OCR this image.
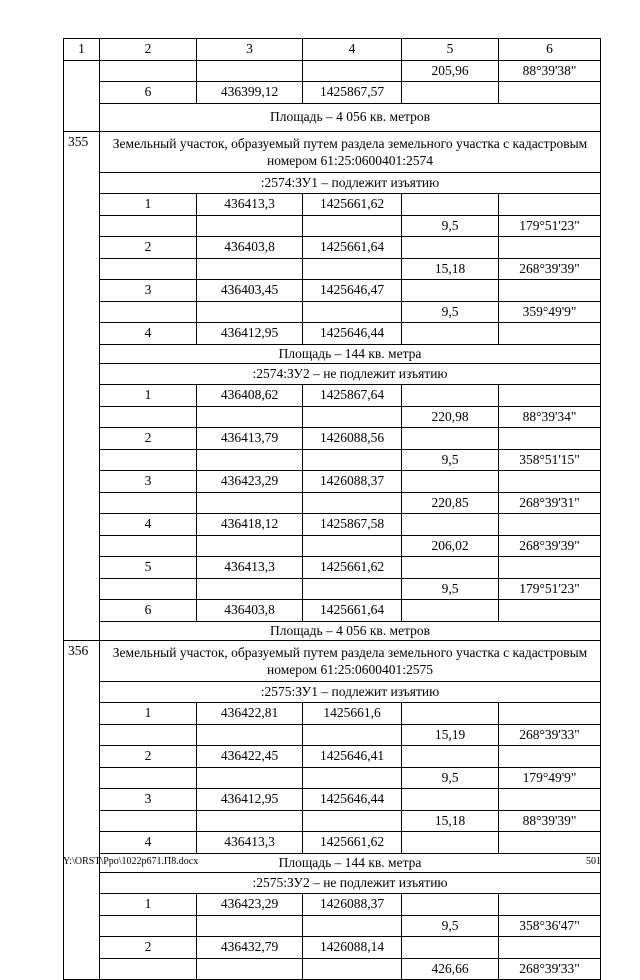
1	2	3	4	5	6
				205,96	88°39'38"
	6	436399,12	1425867,57		
	Площадь – 4 056 кв. метров				
355	Земельный участок, образуемый путем раздела земельного участка с кадастровым номером 61:25:0600401:2574				
	:2574:ЗУ1 – подлежит изъятию				
	1	436413,3	1425661,62		
				9,5	179°51'23"
	2	436403,8	1425661,64		
				15,18	268°39'39"
	3	436403,45	1425646,47		
				9,5	359°49'9"
	4	436412,95	1425646,44		
	Площадь – 144 кв. метра				
	:2574:ЗУ2 – не подлежит изъятию				
	1	436408,62	1425867,64		
				220,98	88°39'34"
	2	436413,79	1426088,56		
				9,5	358°51'15"
	3	436423,29	1426088,37		
				220,85	268°39'31"
	4	436418,12	1425867,58		
				206,02	268°39'39"
	5	436413,3	1425661,62		
				9,5	179°51'23"
	6	436403,8	1425661,64		
	Площадь – 4 056 кв. метров				
356	Земельный участок, образуемый путем раздела земельного участка с кадастровым номером 61:25:0600401:2575				
	:2575:ЗУ1 – подлежит изъятию				
	1	436422,81	1425661,6		
				15,19	268°39'33"
	2	436422,45	1425646,41		
				9,5	179°49'9"
	3	436412,95	1425646,44		
				15,18	88°39'39"
	4	436413,3	1425661,62		
	Площадь – 144 кв. метра				
	:2575:ЗУ2 – не подлежит изъятию				
	1	436423,29	1426088,37		
				9,5	358°36'47"
	2	436432,79	1426088,14		
				426,66	268°39'33"
Y:\ORST\Ppo\1022p671.П8.docx	501
